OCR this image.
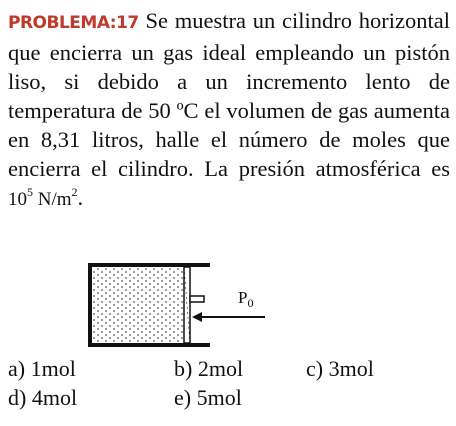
PROBLEMA:17 Se muestra un cilindro horizontal que encierra un gas ideal empleando un pistón liso, si debido a un incremento lento de temperatura de 50 ºC el volumen de gas aumenta en 8,31 litros, halle el número de moles que encierra el cilindro. La presión atmosférica es $10^5$ $N/m^2$.
$P_0$
a) 1mol	b) 2mol	c) 3mol
d) 4mol	e) 5mol
